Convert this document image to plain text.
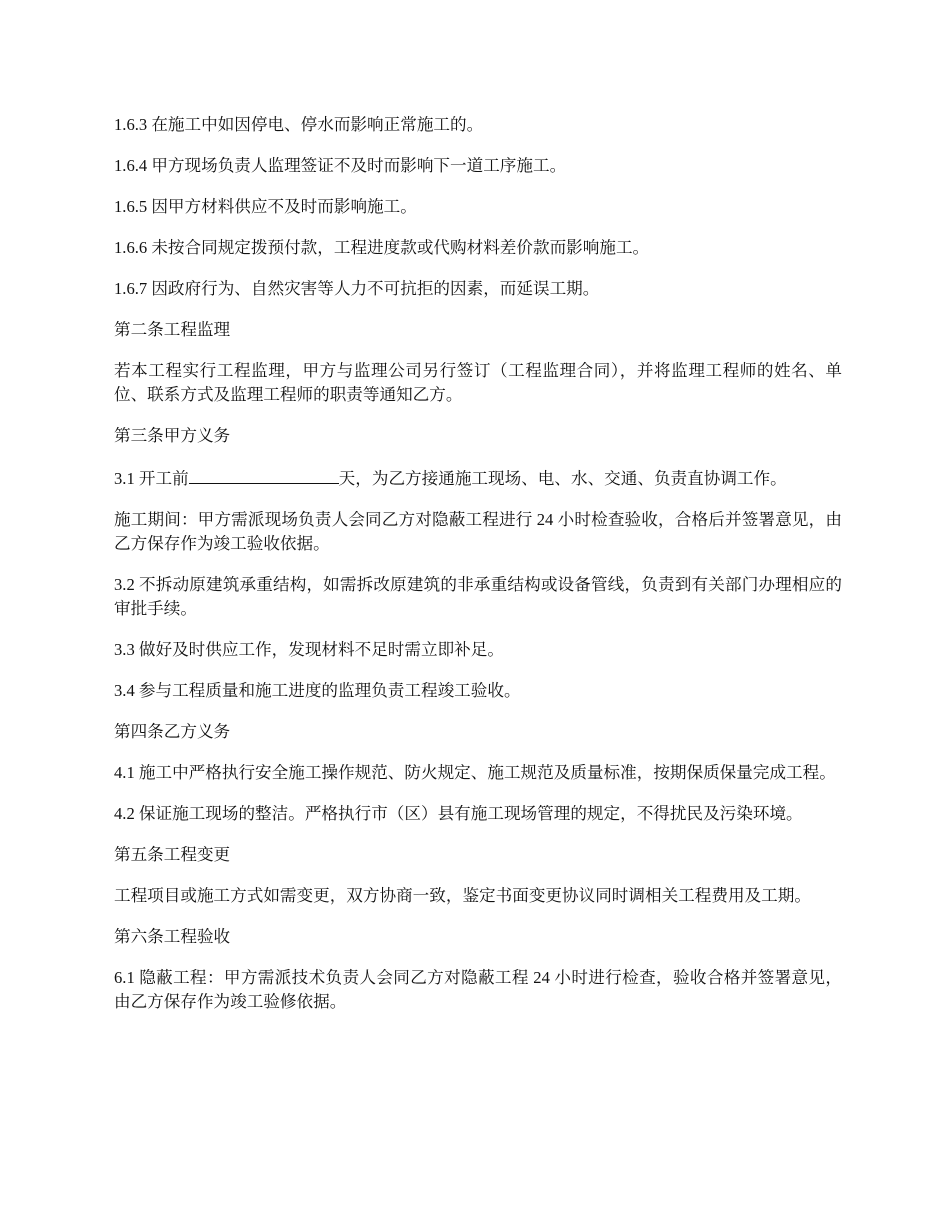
1.6.3 在施工中如因停电、停水而影响正常施工的。

1.6.4 甲方现场负责人监理签证不及时而影响下一道工序施工。

1.6.5 因甲方材料供应不及时而影响施工。

1.6.6 未按合同规定拨预付款，工程进度款或代购材料差价款而影响施工。

1.6.7 因政府行为、自然灾害等人力不可抗拒的因素，而延误工期。

第二条工程监理

若本工程实行工程监理，甲方与监理公司另行签订（工程监理合同），并将监理工程师的姓名、单位、联系方式及监理工程师的职责等通知乙方。

第三条甲方义务

3.1 开工前	天，为乙方接通施工现场、电、水、交通、负责直协调工作。

施工期间：甲方需派现场负责人会同乙方对隐蔽工程进行 24 小时检查验收，合格后并签署意见，由乙方保存作为竣工验收依据。

3.2 不拆动原建筑承重结构，如需拆改原建筑的非承重结构或设备管线，负责到有关部门办理相应的审批手续。

3.3 做好及时供应工作，发现材料不足时需立即补足。

3.4 参与工程质量和施工进度的监理负责工程竣工验收。

第四条乙方义务

4.1 施工中严格执行安全施工操作规范、防火规定、施工规范及质量标准，按期保质保量完成工程。

4.2 保证施工现场的整洁。严格执行市（区）县有施工现场管理的规定，不得扰民及污染环境。

第五条工程变更

工程项目或施工方式如需变更，双方协商一致，鉴定书面变更协议同时调相关工程费用及工期。

第六条工程验收

6.1 隐蔽工程：甲方需派技术负责人会同乙方对隐蔽工程 24 小时进行检查，验收合格并签署意见，由乙方保存作为竣工验修依据。
